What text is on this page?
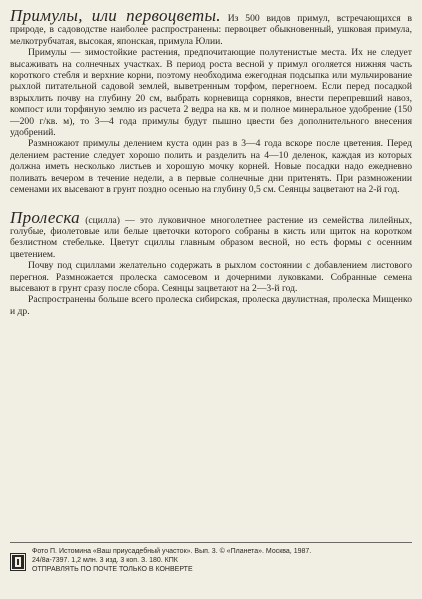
Примулы, или первоцветы. Из 500 видов примул, встречающихся в природе, в садоводстве наиболее распространены: первоцвет обыкновенный, ушковая примула, мелкотрубчатая, высокая, японская, примула Юлии.

Примулы — зимостойкие растения, предпочитающие полутенистые места. Их не следует высаживать на солнечных участках. В период роста весной у примул оголяется нижняя часть короткого стебля и верхние корни, поэтому необходима ежегодная подсыпка или мульчирование рыхлой питательной садовой землей, выветренным торфом, перегноем. Если перед посадкой взрыхлить почву на глубину 20 см, выбрать корневища сорняков, внести перепревший навоз, компост или торфяную землю из расчета 2 ведра на кв. м и полное минеральное удобрение (150—200 г/кв. м), то 3—4 года примулы будут пышно цвести без дополнительного внесения удобрений.

Размножают примулы делением куста один раз в 3—4 года вскоре после цветения. Перед делением растение следует хорошо полить и разделить на 4—10 деленок, каждая из которых должна иметь несколько листьев и хорошую мочку корней. Новые посадки надо ежедневно поливать вечером в течение недели, а в первые солнечные дни притенять. При размножении семенами их высевают в грунт поздно осенью на глубину 0,5 см. Сеянцы зацветают на 2-й год.

Пролеска (сцилла) — это луковичное многолетнее растение из семейства лилейных, голубые, фиолетовые или белые цветочки которого собраны в кисть или щиток на коротком безлистном стебельке. Цветут сциллы главным образом весной, но есть формы с осенним цветением.

Почву под сциллами желательно содержать в рыхлом состоянии с добавлением листового перегноя. Размножается пролеска самосевом и дочерними луковками. Собранные семена высевают в грунт сразу после сбора. Сеянцы зацветают на 2—3-й год.

Распространены больше всего пролеска сибирская, пролеска двулистная, пролеска Мищенко и др.

Фото П. Истомина «Ваш приусадебный участок». Вып. 3. © «Планета». Москва, 1987.
24/8а-7397. 1,2 млн. 3 изд. 3 коп. З. 180. КПК
ОТПРАВЛЯТЬ ПО ПОЧТЕ ТОЛЬКО В КОНВЕРТЕ
